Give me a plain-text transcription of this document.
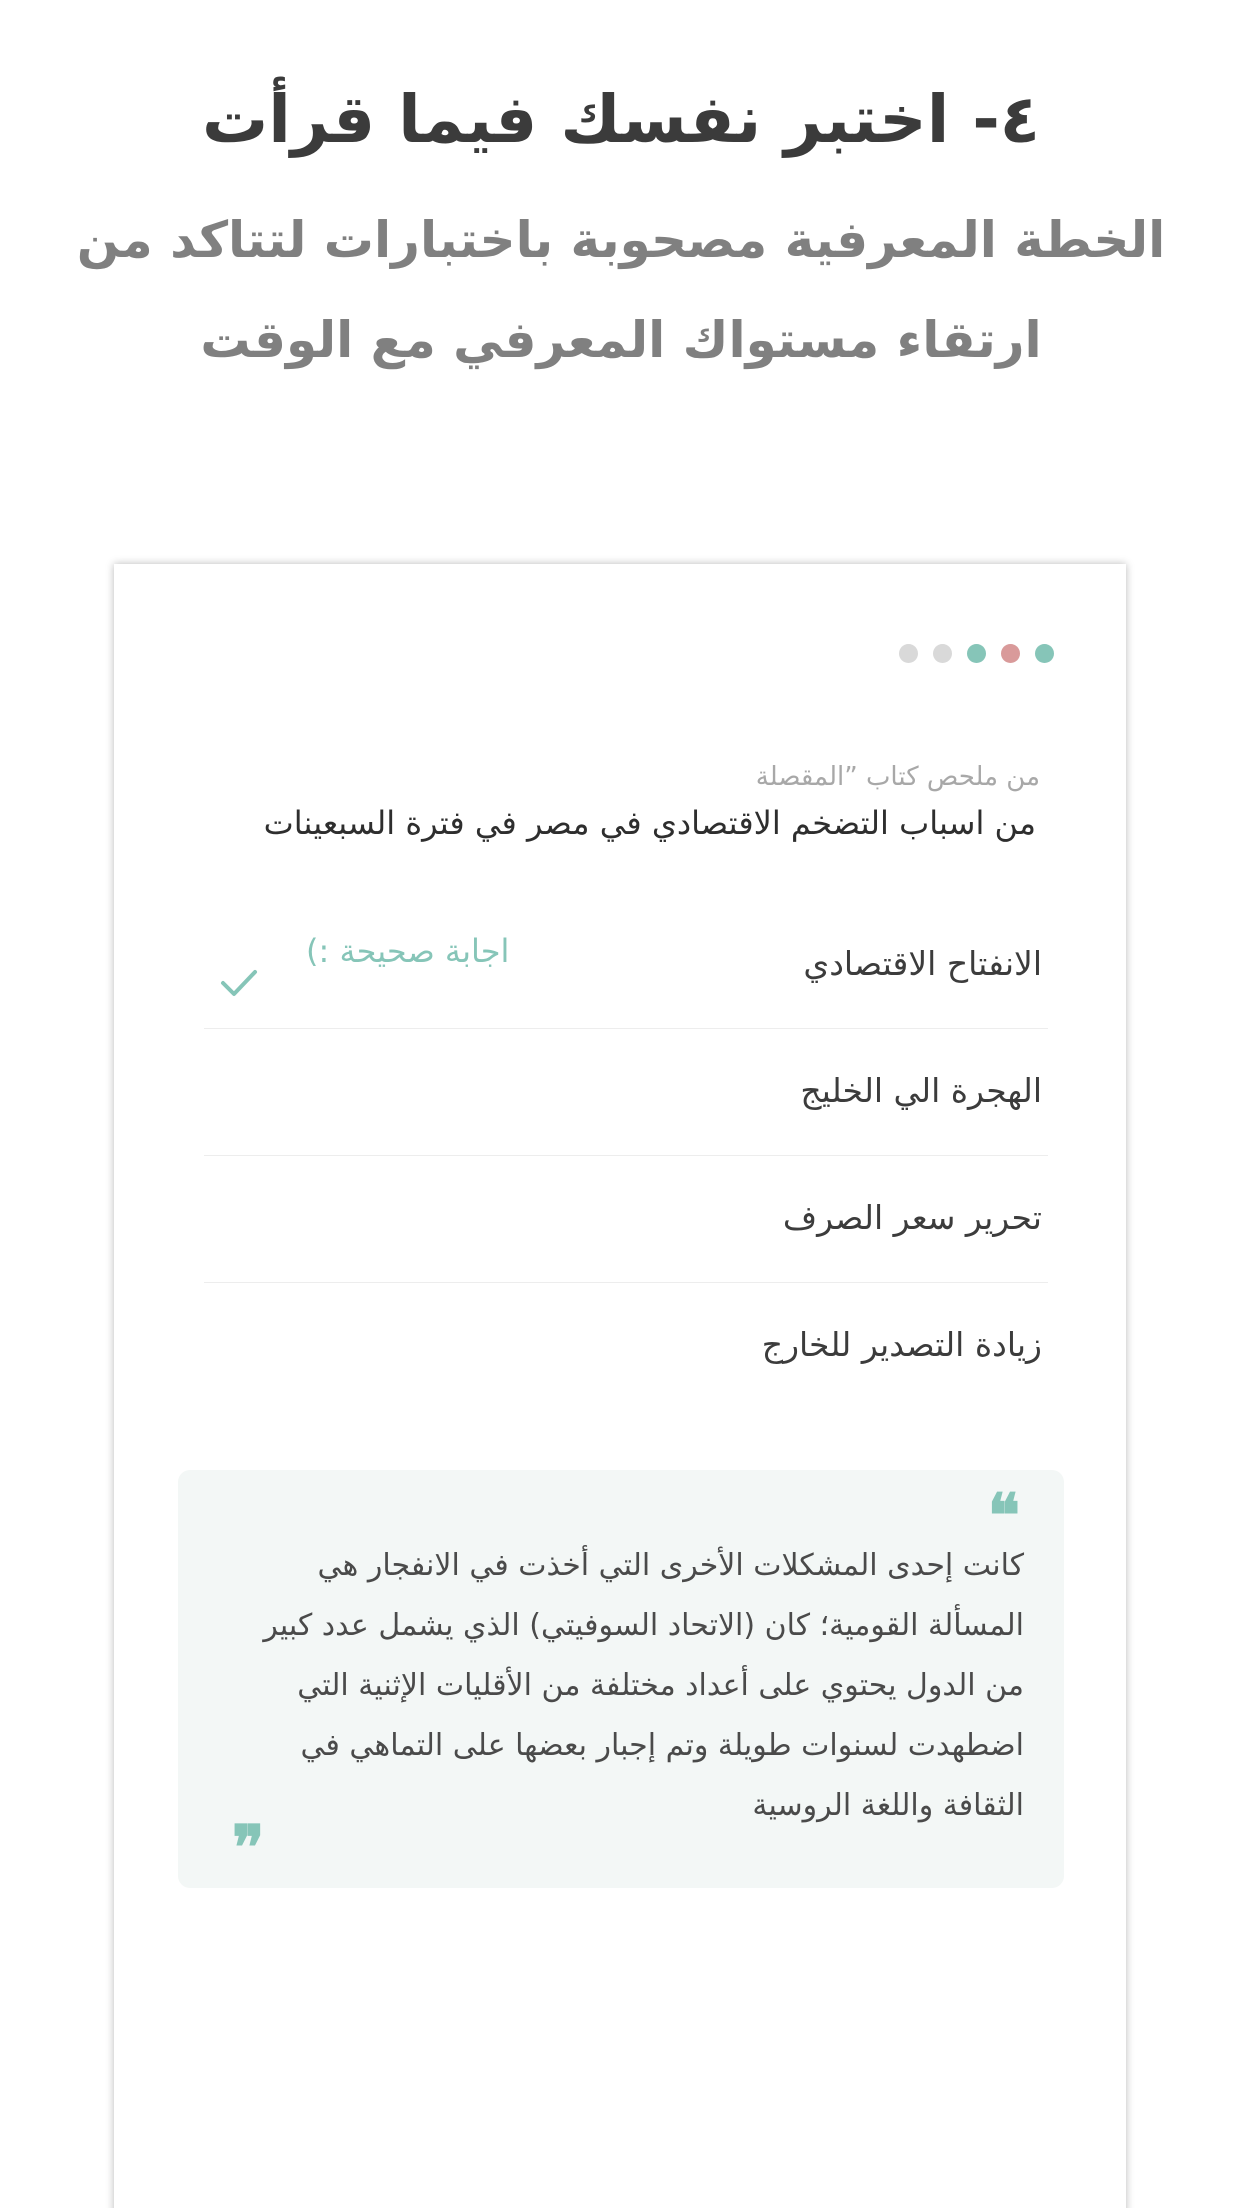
٤- اختبر نفسك فيما قرأت
الخطة المعرفية مصحوبة باختبارات لتتاكد من ارتقاء مستواك المعرفي مع الوقت
من ملحص كتاب ”المقصلة
من اسباب التضخم الاقتصادي في مصر في فترة السبعينات
الانفتاح الاقتصادي
اجابة صحيحة :)
الهجرة الي الخليج
تحرير سعر الصرف
زيادة التصدير للخارج
❝
كانت إحدى المشكلات الأخرى التي أخذت في الانفجار هي المسألة القومية؛ كان (الاتحاد السوفيتي) الذي يشمل عدد كبير من الدول يحتوي على أعداد مختلفة من الأقليات الإثنية التي اضطهدت لسنوات طويلة وتم إجبار بعضها على التماهي في الثقافة واللغة الروسية
❞
